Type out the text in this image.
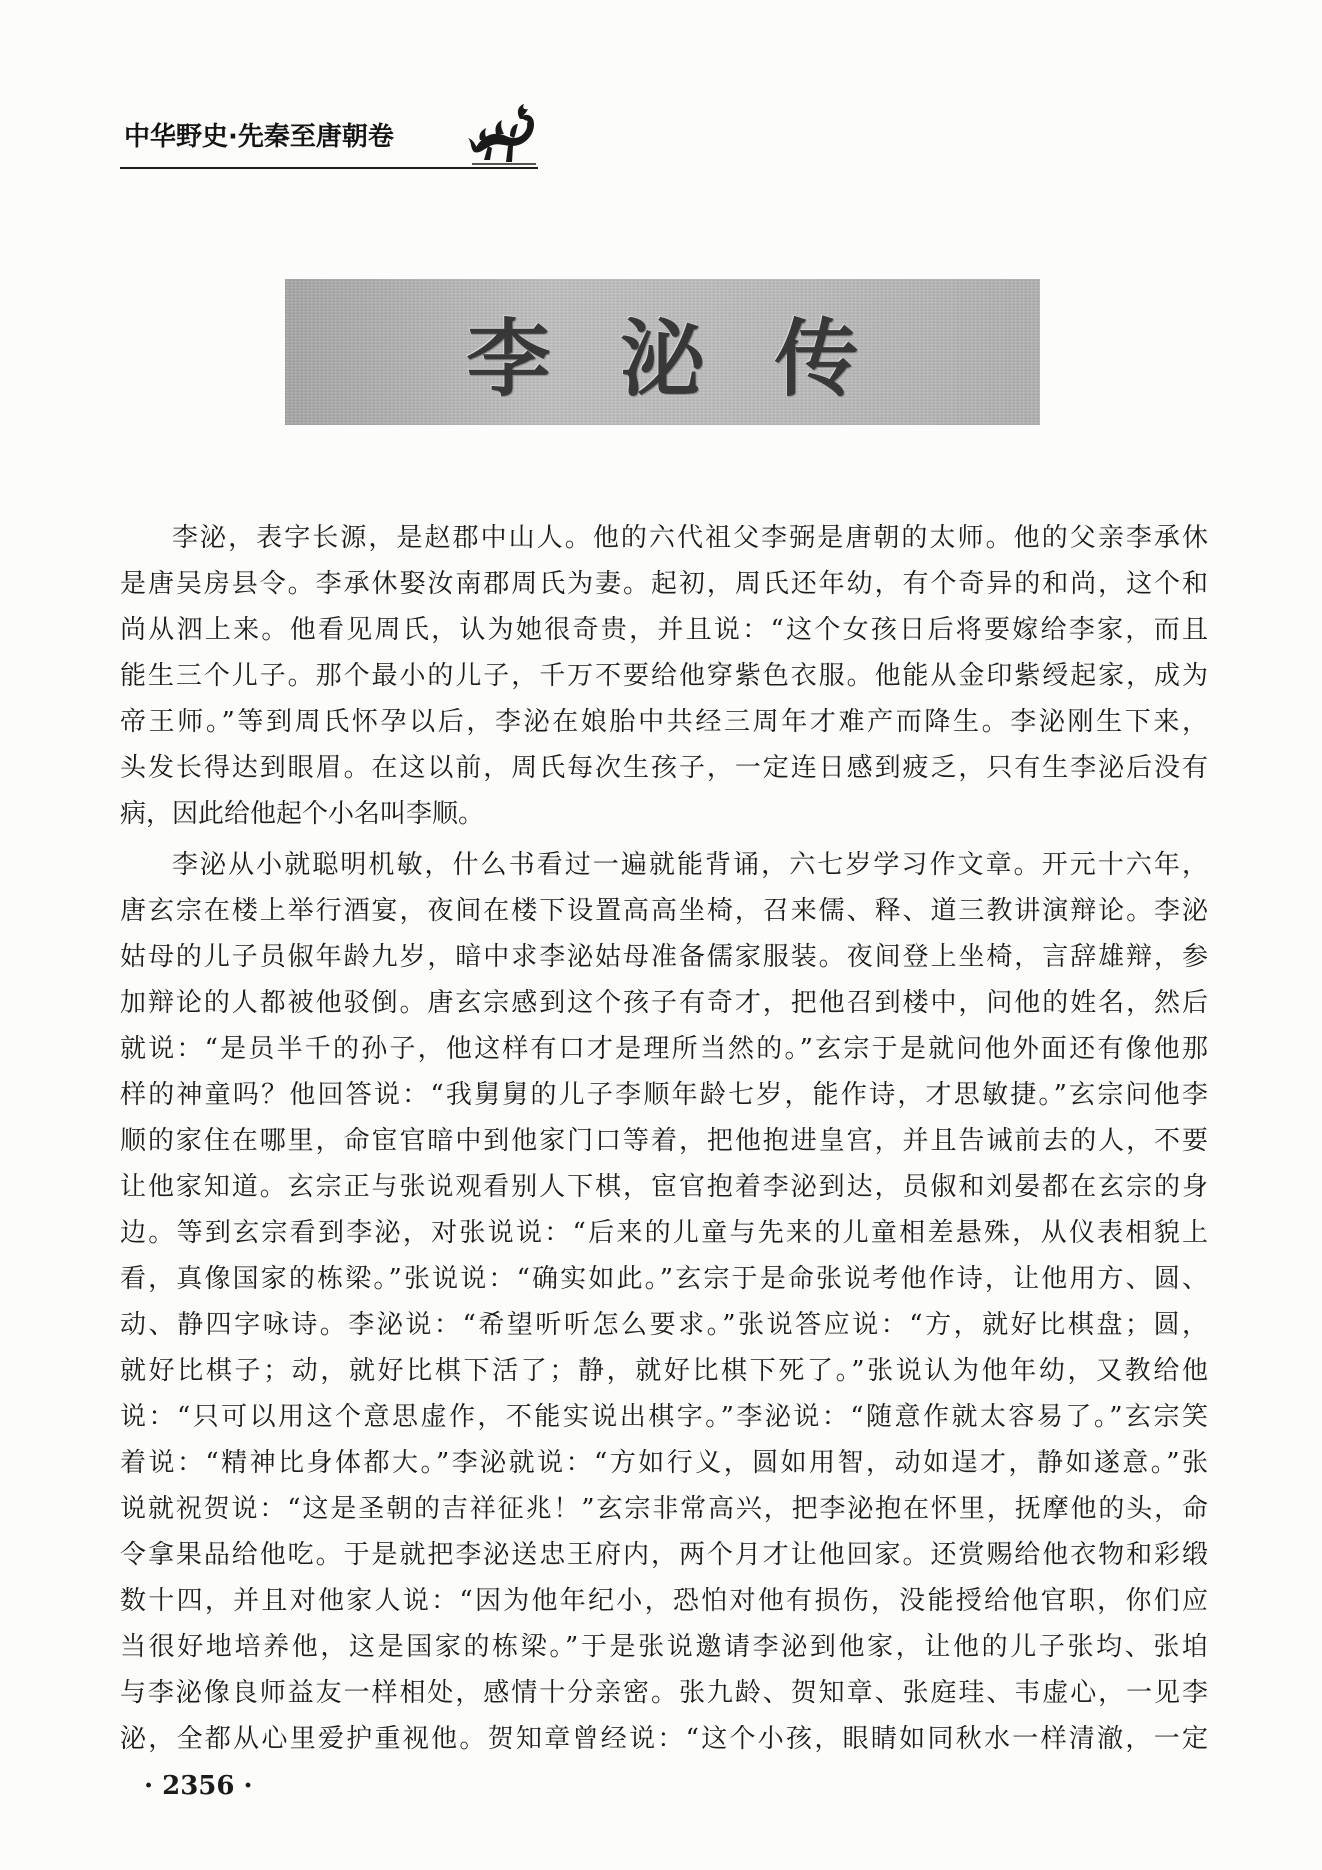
中华野史·先秦至唐朝卷
李泌传
李泌，表字长源，是赵郡中山人。他的六代祖父李弼是唐朝的太师。他的父亲李承休
是唐吴房县令。李承休娶汝南郡周氏为妻。起初，周氏还年幼，有个奇异的和尚，这个和
尚从泗上来。他看见周氏，认为她很奇贵，并且说：“这个女孩日后将要嫁给李家，而且
能生三个儿子。那个最小的儿子，千万不要给他穿紫色衣服。他能从金印紫绶起家，成为
帝王师。”等到周氏怀孕以后，李泌在娘胎中共经三周年才难产而降生。李泌刚生下来，
头发长得达到眼眉。在这以前，周氏每次生孩子，一定连日感到疲乏，只有生李泌后没有
病，因此给他起个小名叫李顺。
李泌从小就聪明机敏，什么书看过一遍就能背诵，六七岁学习作文章。开元十六年，
唐玄宗在楼上举行酒宴，夜间在楼下设置高高坐椅，召来儒、释、道三教讲演辩论。李泌
姑母的儿子员俶年龄九岁，暗中求李泌姑母准备儒家服装。夜间登上坐椅，言辞雄辩，参
加辩论的人都被他驳倒。唐玄宗感到这个孩子有奇才，把他召到楼中，问他的姓名，然后
就说：“是员半千的孙子，他这样有口才是理所当然的。”玄宗于是就问他外面还有像他那
样的神童吗？他回答说：“我舅舅的儿子李顺年龄七岁，能作诗，才思敏捷。”玄宗问他李
顺的家住在哪里，命宦官暗中到他家门口等着，把他抱进皇宫，并且告诫前去的人，不要
让他家知道。玄宗正与张说观看别人下棋，宦官抱着李泌到达，员俶和刘晏都在玄宗的身
边。等到玄宗看到李泌，对张说说：“后来的儿童与先来的儿童相差悬殊，从仪表相貌上
看，真像国家的栋梁。”张说说：“确实如此。”玄宗于是命张说考他作诗，让他用方、圆、
动、静四字咏诗。李泌说：“希望听听怎么要求。”张说答应说：“方，就好比棋盘；圆，
就好比棋子；动，就好比棋下活了；静，就好比棋下死了。”张说认为他年幼，又教给他
说：“只可以用这个意思虚作，不能实说出棋字。”李泌说：“随意作就太容易了。”玄宗笑
着说：“精神比身体都大。”李泌就说：“方如行义，圆如用智，动如逞才，静如遂意。”张
说就祝贺说：“这是圣朝的吉祥征兆！”玄宗非常高兴，把李泌抱在怀里，抚摩他的头，命
令拿果品给他吃。于是就把李泌送忠王府内，两个月才让他回家。还赏赐给他衣物和彩缎
数十四，并且对他家人说：“因为他年纪小，恐怕对他有损伤，没能授给他官职，你们应
当很好地培养他，这是国家的栋梁。”于是张说邀请李泌到他家，让他的儿子张均、张垍
与李泌像良师益友一样相处，感情十分亲密。张九龄、贺知章、张庭珪、韦虚心，一见李
泌，全都从心里爱护重视他。贺知章曾经说：“这个小孩，眼睛如同秋水一样清澈，一定
· 2356 ·
